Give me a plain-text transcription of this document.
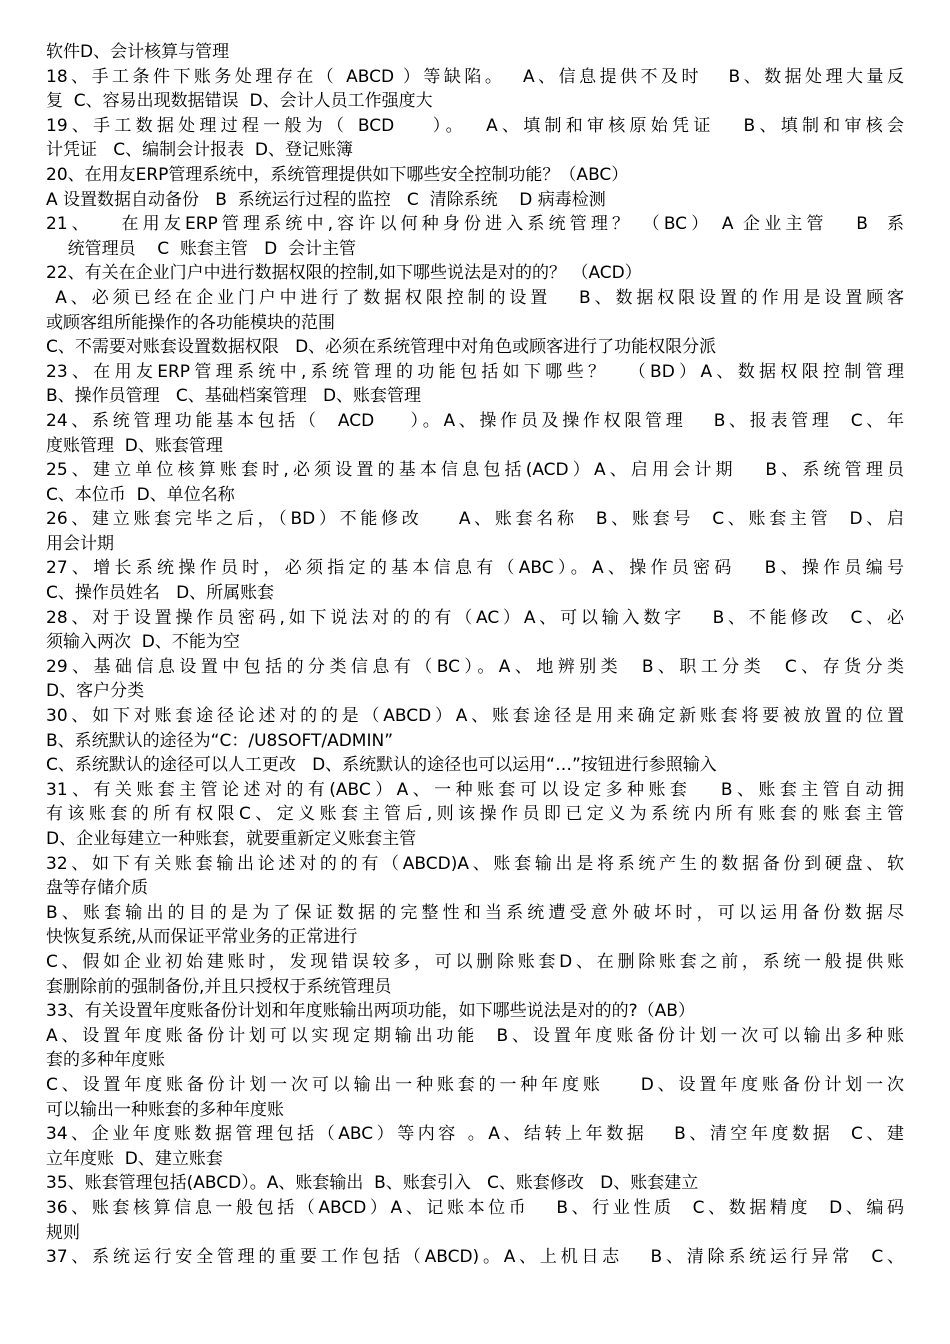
软件D、会计核算与管理
18、手工条件下账务处理存在（ ABCD ）等缺陷。  A、信息提供不及时   B、数据处理大量反
复  C、容易出现数据错误  D、会计人员工作强度大
19、手工数据处理过程一般为（ BCD    ）。  A、填制和审核原始凭证   B、填制和审核会
计凭证   C、编制会计报表  D、登记账簿
20、在用友ERP管理系统中，系统管理提供如下哪些安全控制功能？（ABC）
A 设置数据自动备份   B  系统运行过程的监控   C  清除系统    D 病毒检测
21、   在用友ERP管理系统中,容许以何种身份进入系统管理？ （BC） A 企业主管   B  系
统管理员    C  账套主管   D  会计主管
22、有关在企业门户中进行数据权限的控制,如下哪些说法是对的的？ （ACD）
A、必须已经在企业门户中进行了数据权限控制的设置   B、数据权限设置的作用是设置顾客
或顾客组所能操作的各功能模块的范围
C、不需要对账套设置数据权限   D、必须在系统管理中对角色或顾客进行了功能权限分派
23、在用友ERP管理系统中,系统管理的功能包括如下哪些？  （BD）A、数据权限控制管理
B、操作员管理   C、基础档案管理   D、账套管理
24、系统管理功能基本包括（  ACD    ）。A、操作员及操作权限管理   B、报表管理  C、年
度账管理  D、账套管理
25、建立单位核算账套时,必须设置的基本信息包括(ACD）A、启用会计期   B、系统管理员
C、本位币  D、单位名称
26、建立账套完毕之后，（BD）不能修改    A、账套名称  B、账套号  C、账套主管  D、启
用会计期
27、增长系统操作员时，必须指定的基本信息有（ABC）。A、操作员密码   B、操作员编号
C、操作员姓名   D、所属账套
28、对于设置操作员密码,如下说法对的的有（AC）A、可以输入数字   B、不能修改  C、必
须输入两次  D、不能为空
29、基础信息设置中包括的分类信息有（BC）。A、地辨别类  B、职工分类  C、存货分类
D、客户分类
30、如下对账套途径论述对的的是（ABCD）A、账套途径是用来确定新账套将要被放置的位置
B、系统默认的途径为“C：/U8SOFT/ADMIN”
C、系统默认的途径可以人工更改   D、系统默认的途径也可以运用“…”按钮进行参照输入
31、有关账套主管论述对的有(ABC）A、一种账套可以设定多种账套   B、账套主管自动拥
有该账套的所有权限C、定义账套主管后,则该操作员即已定义为系统内所有账套的账套主管
D、企业每建立一种账套，就要重新定义账套主管
32、如下有关账套输出论述对的的有（ABCD)A、账套输出是将系统产生的数据备份到硬盘、软
盘等存储介质
B、账套输出的目的是为了保证数据的完整性和当系统遭受意外破坏时，可以运用备份数据尽
快恢复系统,从而保证平常业务的正常进行
C、假如企业初始建账时，发现错误较多，可以删除账套D、在删除账套之前，系统一般提供账
套删除前的强制备份,并且只授权于系统管理员
33、有关设置年度账备份计划和年度账输出两项功能，如下哪些说法是对的的?（AB）
A、设置年度账备份计划可以实现定期输出功能  B、设置年度账备份计划一次可以输出多种账
套的多种年度账
C、设置年度账备份计划一次可以输出一种账套的一种年度账    D、设置年度账备份计划一次
可以输出一种账套的多种年度账
34、企业年度账数据管理包括（ABC）等内容 。A、结转上年数据   B、清空年度数据  C、建
立年度账  D、建立账套
35、账套管理包括(ABCD）。A、账套输出  B、账套引入   C、账套修改   D、账套建立
36、账套核算信息一般包括（ABCD）A、记账本位币   B、行业性质  C、数据精度  D、编码
规则
37、系统运行安全管理的重要工作包括（ABCD)。A、上机日志   B、清除系统运行异常  C、
